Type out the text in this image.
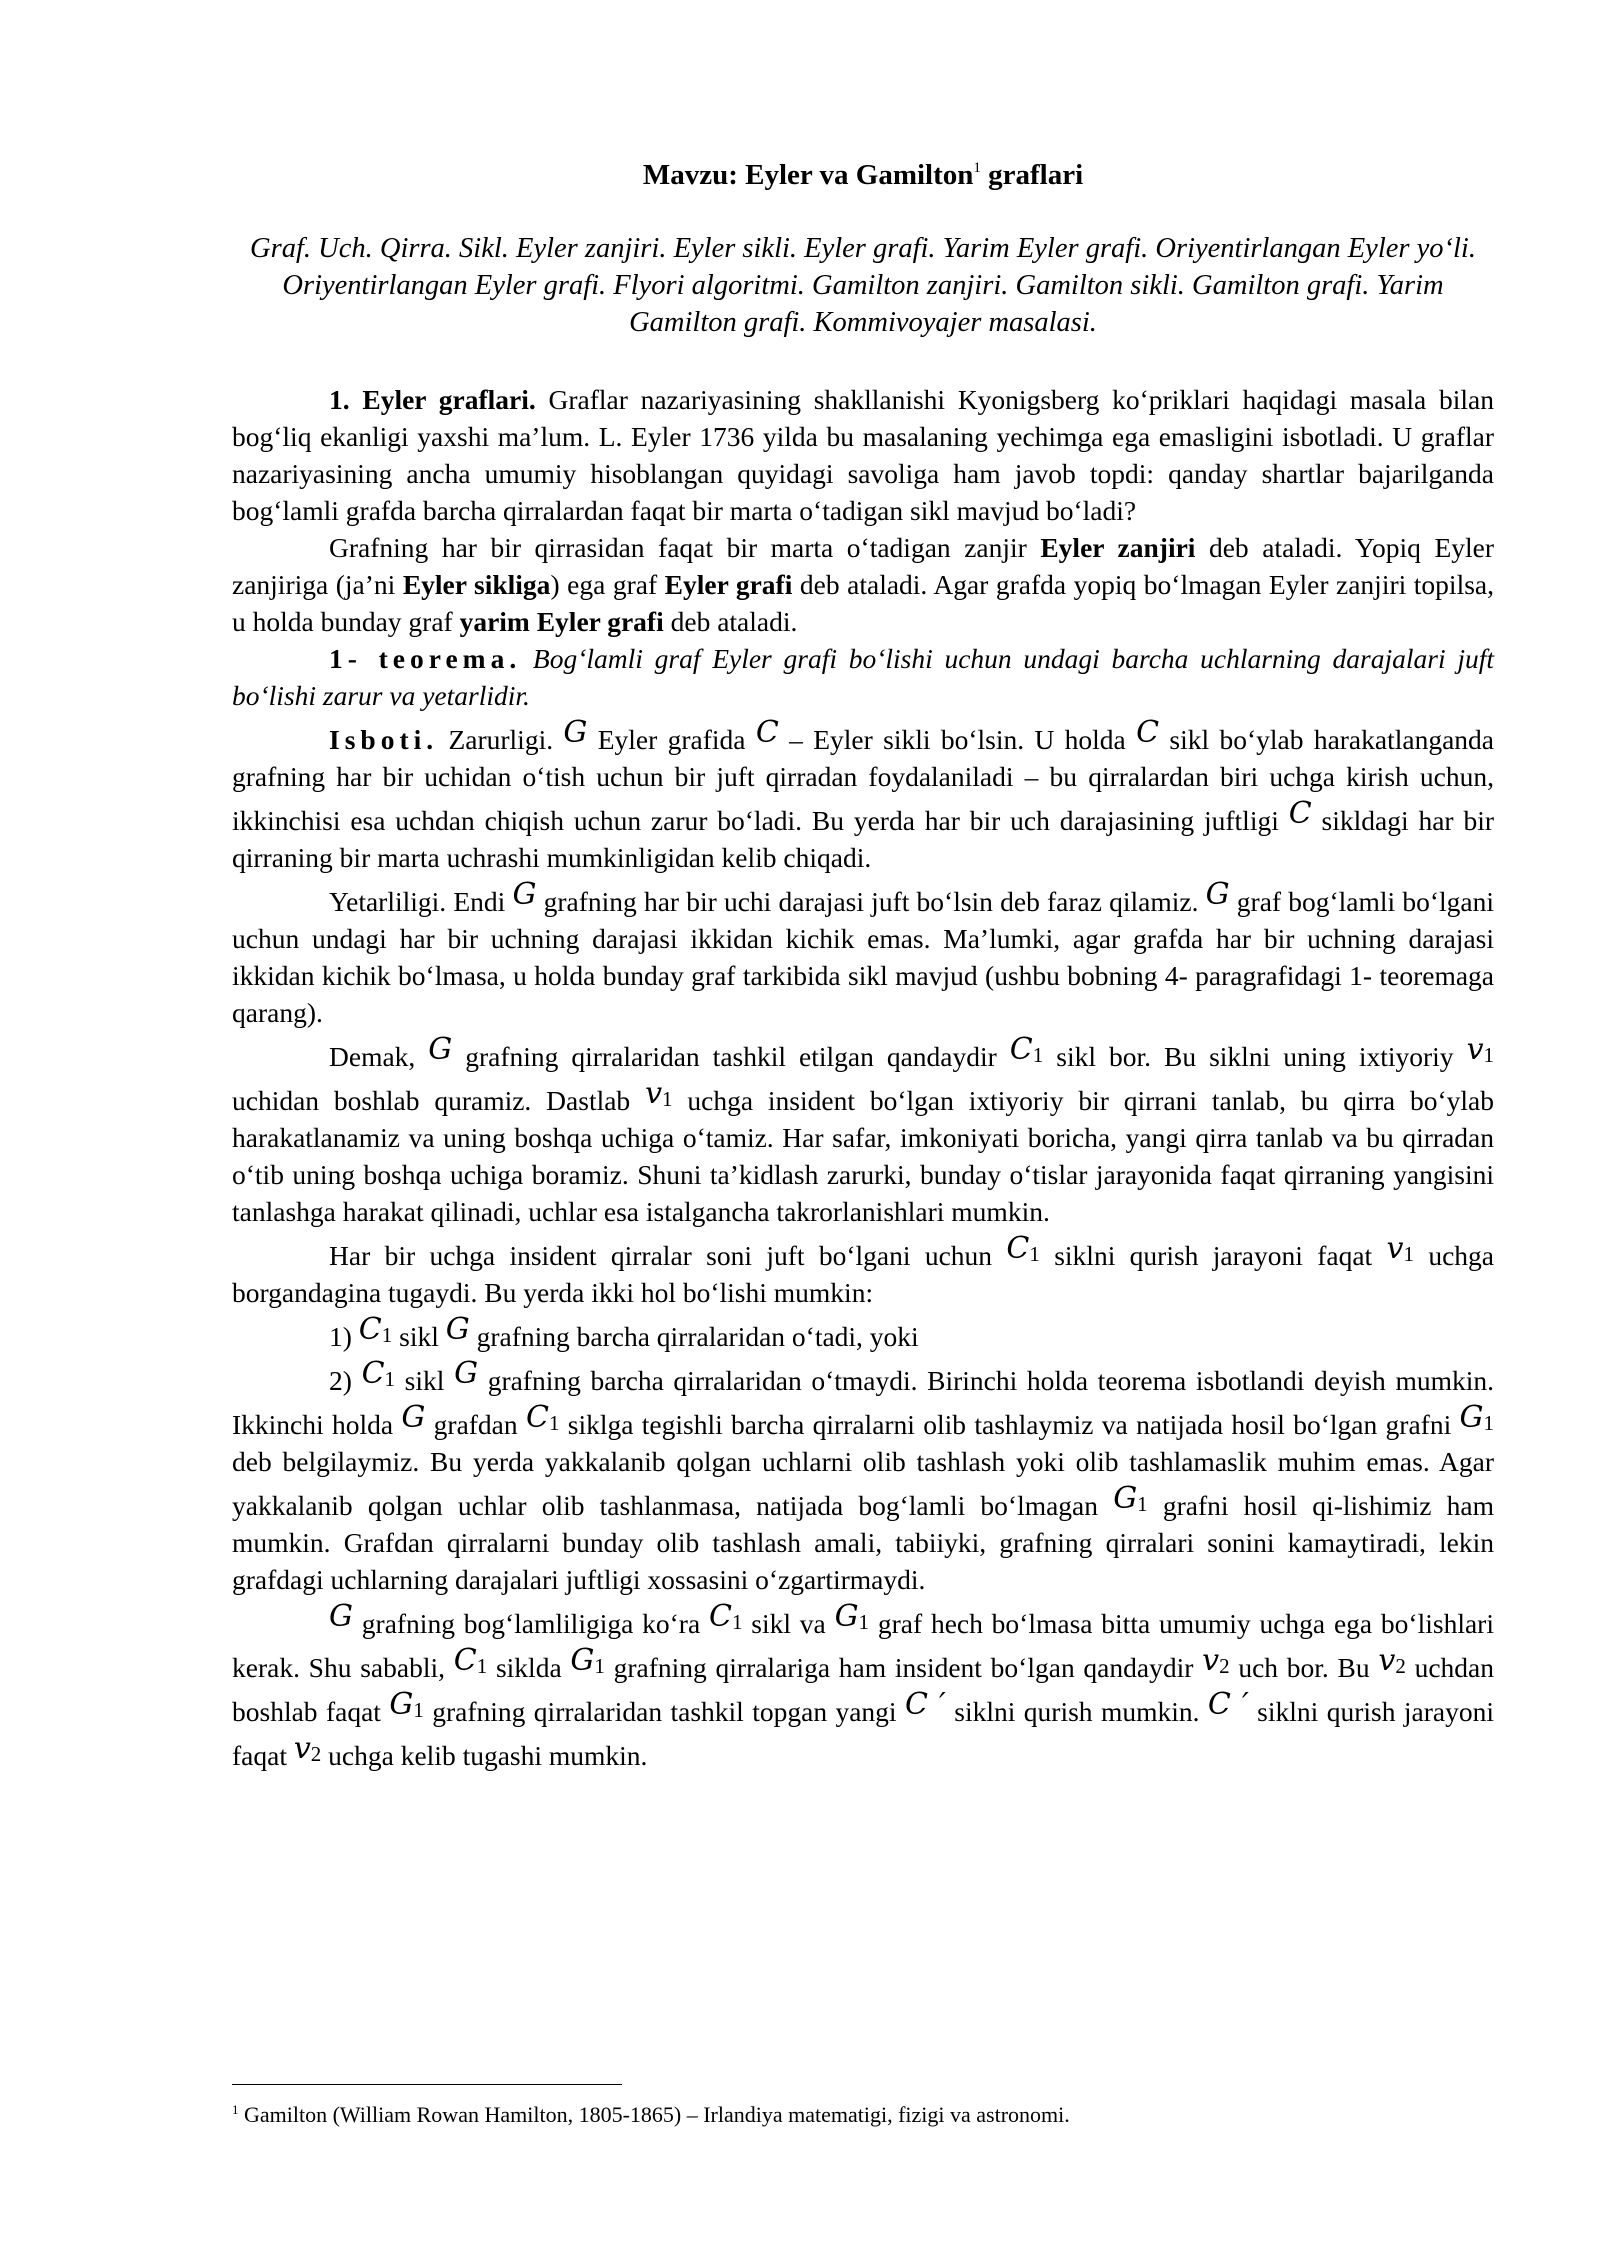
Mavzu: Eyler va Gamilton$^1$ graflari
Graf. Uch. Qirra. Sikl. Eyler zanjiri. Eyler sikli. Eyler grafi. Yarim Eyler grafi. Oriyentirlangan Eyler yo‘li. Oriyentirlangan Eyler grafi. Flyori algoritmi. Gamilton zanjiri. Gamilton sikli. Gamilton grafi. Yarim Gamilton grafi. Kommivoyajer masalasi.

1. Eyler graflari. Graflar nazariyasining shakllanishi Kyonigsberg ko‘priklari haqidagi masala bilan bog‘liq ekanligi yaxshi ma’lum. L. Eyler 1736 yilda bu masalaning yechimga ega emasligini isbotladi. U graflar nazariyasining ancha umumiy hisoblangan quyidagi savoliga ham javob topdi: qanday shartlar bajarilganda bog‘lamli grafda barcha qirralardan faqat bir marta o‘tadigan sikl mavjud bo‘ladi?

Grafning har bir qirrasidan faqat bir marta o‘tadigan zanjir Eyler zanjiri deb ataladi. Yopiq Eyler zanjiriga (ja’ni Eyler sikliga) ega graf Eyler grafi deb ataladi. Agar grafda yopiq bo‘lmagan Eyler zanjiri topilsa, u holda bunday graf yarim Eyler grafi deb ataladi.

1- teorema. Bog‘lamli graf Eyler grafi bo‘lishi uchun undagi barcha uchlarning darajalari juft bo‘lishi zarur va yetarlidir.

Isboti. Zarurligi. G Eyler grafida C – Eyler sikli bo‘lsin. U holda C sikl bo‘ylab harakatlanganda grafning har bir uchidan o‘tish uchun bir juft qirradan foydalaniladi – bu qirralardan biri uchga kirish uchun, ikkinchisi esa uchdan chiqish uchun zarur bo‘ladi. Bu yerda har bir uch darajasining juftligi C sikldagi har bir qirraning bir marta uchrashi mumkinligidan kelib chiqadi.

Yetarliligi. Endi G grafning har bir uchi darajasi juft bo‘lsin deb faraz qilamiz. G graf bog‘lamli bo‘lgani uchun undagi har bir uchning darajasi ikkidan kichik emas. Ma’lumki, agar grafda har bir uchning darajasi ikkidan kichik bo‘lmasa, u holda bunday graf tarkibida sikl mavjud (ushbu bobning 4- paragrafidagi 1- teoremaga qarang).

Demak, G grafning qirralaridan tashkil etilgan qandaydir $C_1$ sikl bor. Bu siklni uning ixtiyoriy $v_1$ uchidan boshlab quramiz. Dastlab $v_1$ uchga insident bo‘lgan ixtiyoriy bir qirrani tanlab, bu qirra bo‘ylab harakatlanamiz va uning boshqa uchiga o‘tamiz. Har safar, imkoniyati boricha, yangi qirra tanlab va bu qirradan o‘tib uning boshqa uchiga boramiz. Shuni ta’kidlash zarurki, bunday o‘tislar jarayonida faqat qirraning yangisini tanlashga harakat qilinadi, uchlar esa istalgancha takrorlanishlari mumkin.

Har bir uchga insident qirralar soni juft bo‘lgani uchun $C_1$ siklni qurish jarayoni faqat $v_1$ uchga borgandagina tugaydi. Bu yerda ikki hol bo‘lishi mumkin:

1) $C_1$ sikl G grafning barcha qirralaridan o‘tadi, yoki

2) $C_1$ sikl G grafning barcha qirralaridan o‘tmaydi. Birinchi holda teorema isbotlandi deyish mumkin. Ikkinchi holda G grafdan $C_1$ siklga tegishli barcha qirralarni olib tashlaymiz va natijada hosil bo‘lgan grafni $G_1$ deb belgilaymiz. Bu yerda yakkalanib qolgan uchlarni olib tashlash yoki olib tashlamaslik muhim emas. Agar yakkalanib qolgan uchlar olib tashlanmasa, natijada bog‘lamli bo‘lmagan $G_1$ grafni hosil qi-lishimiz ham mumkin. Grafdan qirralarni bunday olib tashlash amali, tabiiyki, grafning qirralari sonini kamaytiradi, lekin grafdagi uchlarning darajalari juftligi xossasini o‘zgartirmaydi.

G grafning bog‘lamliligiga ko‘ra $C_1$ sikl va $G_1$ graf hech bo‘lmasa bitta umumiy uchga ega bo‘lishlari kerak. Shu sababli, $C_1$ siklda $G_1$ grafning qirralariga ham insident bo‘lgan qandaydir $v_2$ uch bor. Bu $v_2$ uchdan boshlab faqat $G_1$ grafning qirralaridan tashkil topgan yangi C ′ siklni qurish mumkin. C ′ siklni qurish jarayoni faqat $v_2$ uchga kelib tugashi mumkin.

$^1$ Gamilton (William Rowan Hamilton, 1805-1865) – Irlandiya matematigi, fizigi va astronomi.
